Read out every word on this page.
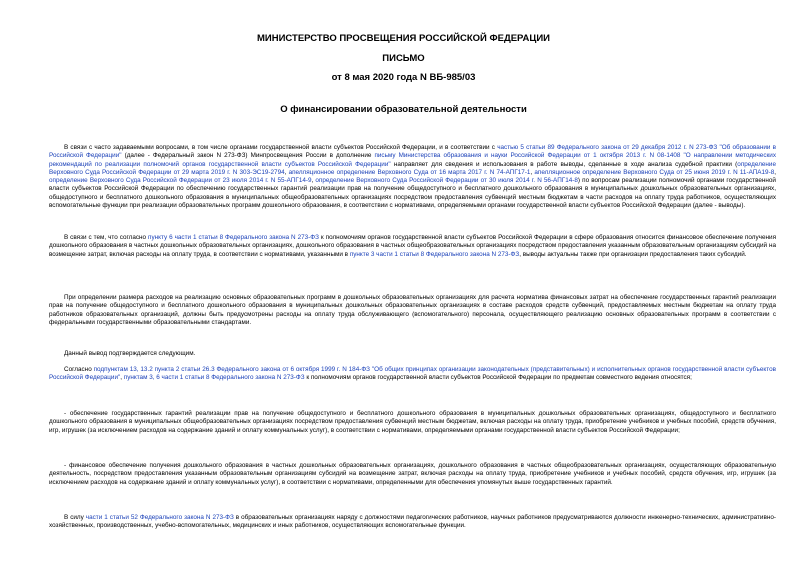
МИНИСТЕРСТВО ПРОСВЕЩЕНИЯ РОССИЙСКОЙ ФЕДЕРАЦИИ
ПИСЬМО
от 8 мая 2020 года N ВБ-985/03
О финансировании образовательной деятельности
В связи с часто задаваемыми вопросами, в том числе органами государственной власти субъектов Российской Федерации, и в соответствии с частью 5 статьи 89 Федерального закона от 29 декабря 2012 г. N 273-ФЗ "Об образовании в Российской Федерации" (далее - Федеральный закон N 273-ФЗ) Минпросвещения России в дополнение письму Министерства образования и науки Российской Федерации от 1 октября 2013 г. N 08-1408 "О направлении методических рекомендаций по реализации полномочий органов государственной власти субъектов Российской Федерации" направляет для сведения и использования в работе выводы, сделанные в ходе анализа судебной практики (определение Верховного Суда Российской Федерации от 29 марта 2019 г. N 303-ЭС19-2794, апелляционное определение Верховного Суда от 16 марта 2017 г. N 74-АПГ17-1, апелляционное определение Верховного Суда от 25 июня 2019 г. N 11-АПА19-8, определение Верховного Суда Российской Федерации от 23 июля 2014 г. N 55-АПГ14-9, определение Верховного Суда Российской Федерации от 30 июля 2014 г. N 56-АПГ14-8) по вопросам реализации полномочий органами государственной власти субъектов Российской Федерации по обеспечению государственных гарантий реализации прав на получение общедоступного и бесплатного дошкольного образования в муниципальных дошкольных образовательных организациях, общедоступного и бесплатного дошкольного образования в муниципальных общеобразовательных организациях посредством предоставления субвенций местным бюджетам в части расходов на оплату труда работников, осуществляющих вспомогательные функции при реализации образовательных программ дошкольного образования, в соответствии с нормативами, определяемыми органами государственной власти субъектов Российской Федерации (далее - выводы).
В связи с тем, что согласно пункту 6 части 1 статьи 8 Федерального закона N 273-ФЗ к полномочиям органов государственной власти субъектов Российской Федерации в сфере образования относится финансовое обеспечение получения дошкольного образования в частных дошкольных образовательных организациях, дошкольного образования в частных общеобразовательных организациях посредством предоставления указанным образовательным организациям субсидий на возмещение затрат, включая расходы на оплату труда, в соответствии с нормативами, указанными в пункте 3 части 1 статьи 8 Федерального закона N 273-ФЗ, выводы актуальны также при организации предоставления таких субсидий.
При определении размера расходов на реализацию основных образовательных программ в дошкольных образовательных организациях для расчета норматива финансовых затрат на обеспечение государственных гарантий реализации прав на получение общедоступного и бесплатного дошкольного образования в муниципальных дошкольных образовательных организациях в составе расходов средств субвенций, предоставляемых местным бюджетам на оплату труда работников образовательных организаций, должны быть предусмотрены расходы на оплату труда обслуживающего (вспомогательного) персонала, осуществляющего реализацию основных образовательных программ в соответствии с федеральными государственными образовательными стандартами.
Данный вывод подтверждается следующим.
Согласно подпунктам 13, 13.2 пункта 2 статьи 26.3 Федерального закона от 6 октября 1999 г. N 184-ФЗ "Об общих принципах организации законодательных (представительных) и исполнительных органов государственной власти субъектов Российской Федерации", пунктам 3, 6 части 1 статьи 8 Федерального закона N 273-ФЗ к полномочиям органов государственной власти субъектов Российской Федерации по предметам совместного ведения относятся;
- обеспечение государственных гарантий реализации прав на получение общедоступного и бесплатного дошкольного образования в муниципальных дошкольных образовательных организациях, общедоступного и бесплатного дошкольного образования в муниципальных общеобразовательных организациях посредством предоставления субвенций местным бюджетам, включая расходы на оплату труда, приобретение учебников и учебных пособий, средств обучения, игр, игрушек (за исключением расходов на содержание зданий и оплату коммунальных услуг), в соответствии с нормативами, определяемыми органами государственной власти субъектов Российской Федерации;
- финансовое обеспечение получения дошкольного образования в частных дошкольных образовательных организациях, дошкольного образования в частных общеобразовательных организациях, осуществляющих образовательную деятельность, посредством предоставления указанным образовательным организациям субсидий на возмещение затрат, включая расходы на оплату труда, приобретение учебников и учебных пособий, средств обучения, игр, игрушек (за исключением расходов на содержание зданий и оплату коммунальных услуг), в соответствии с нормативами, определенными для обеспечения упомянутых выше государственных гарантий.
В силу части 1 статьи 52 Федерального закона N 273-ФЗ в образовательных организациях наряду с должностями педагогических работников, научных работников предусматриваются должности инженерно-технических, административно-хозяйственных, производственных, учебно-вспомогательных, медицинских и иных работников, осуществляющих вспомогательные функции.
